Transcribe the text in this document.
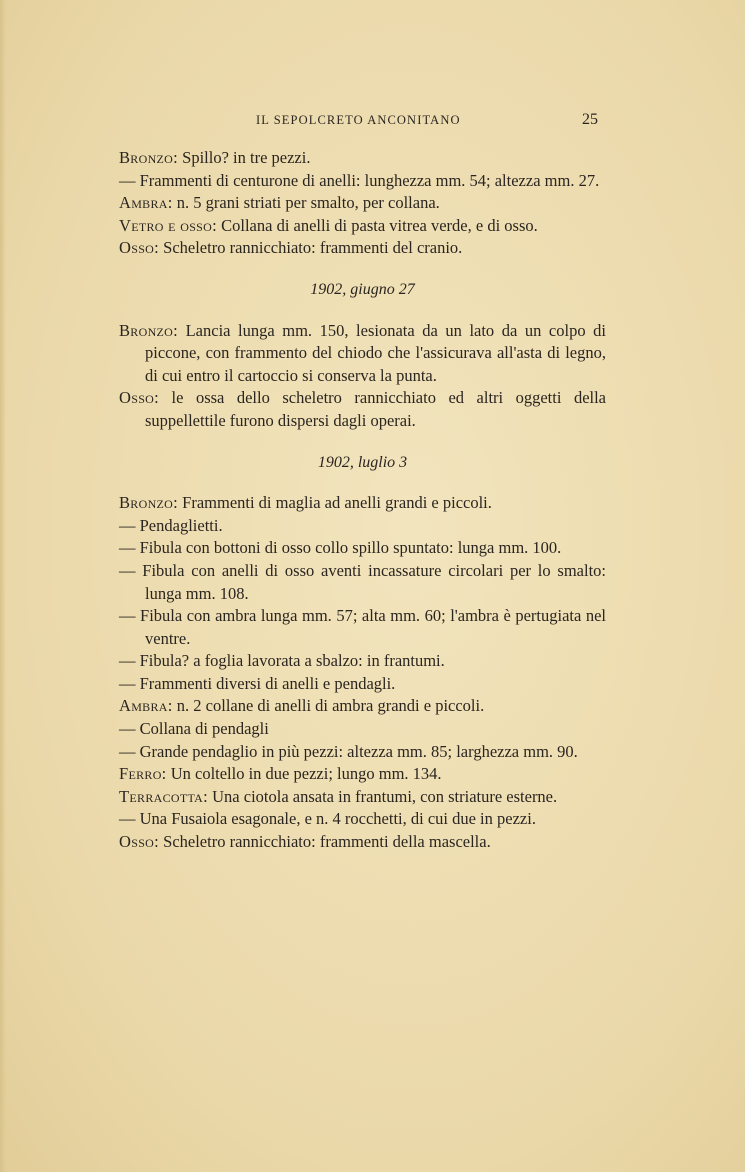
IL SEPOLCRETO ANCONITANO	25
Bronzo: Spillo? in tre pezzi.
— Frammenti di centurone di anelli: lunghezza mm. 54; altezza mm. 27.
Ambra: n. 5 grani striati per smalto, per collana.
Vetro e osso: Collana di anelli di pasta vitrea verde, e di osso.
Osso: Scheletro rannicchiato: frammenti del cranio.
1902, giugno 27
Bronzo: Lancia lunga mm. 150, lesionata da un lato da un colpo di piccone, con frammento del chiodo che l'assicurava all'asta di legno, di cui entro il cartoccio si conserva la punta.
Osso: le ossa dello scheletro rannicchiato ed altri oggetti della suppellettile furono dispersi dagli operai.
1902, luglio 3
Bronzo: Frammenti di maglia ad anelli grandi e piccoli.
— Pendaglietti.
— Fibula con bottoni di osso collo spillo spuntato: lunga mm. 100.
— Fibula con anelli di osso aventi incassature circolari per lo smalto: lunga mm. 108.
— Fibula con ambra lunga mm. 57; alta mm. 60; l'ambra è pertugiata nel ventre.
— Fibula? a foglia lavorata a sbalzo: in frantumi.
— Frammenti diversi di anelli e pendagli.
Ambra: n. 2 collane di anelli di ambra grandi e piccoli.
— Collana di pendagli
— Grande pendaglio in più pezzi: altezza mm. 85; larghezza mm. 90.
Ferro: Un coltello in due pezzi; lungo mm. 134.
Terracotta: Una ciotola ansata in frantumi, con striature esterne.
— Una Fusaiola esagonale, e n. 4 rocchetti, di cui due in pezzi.
Osso: Scheletro rannicchiato: frammenti della mascella.
